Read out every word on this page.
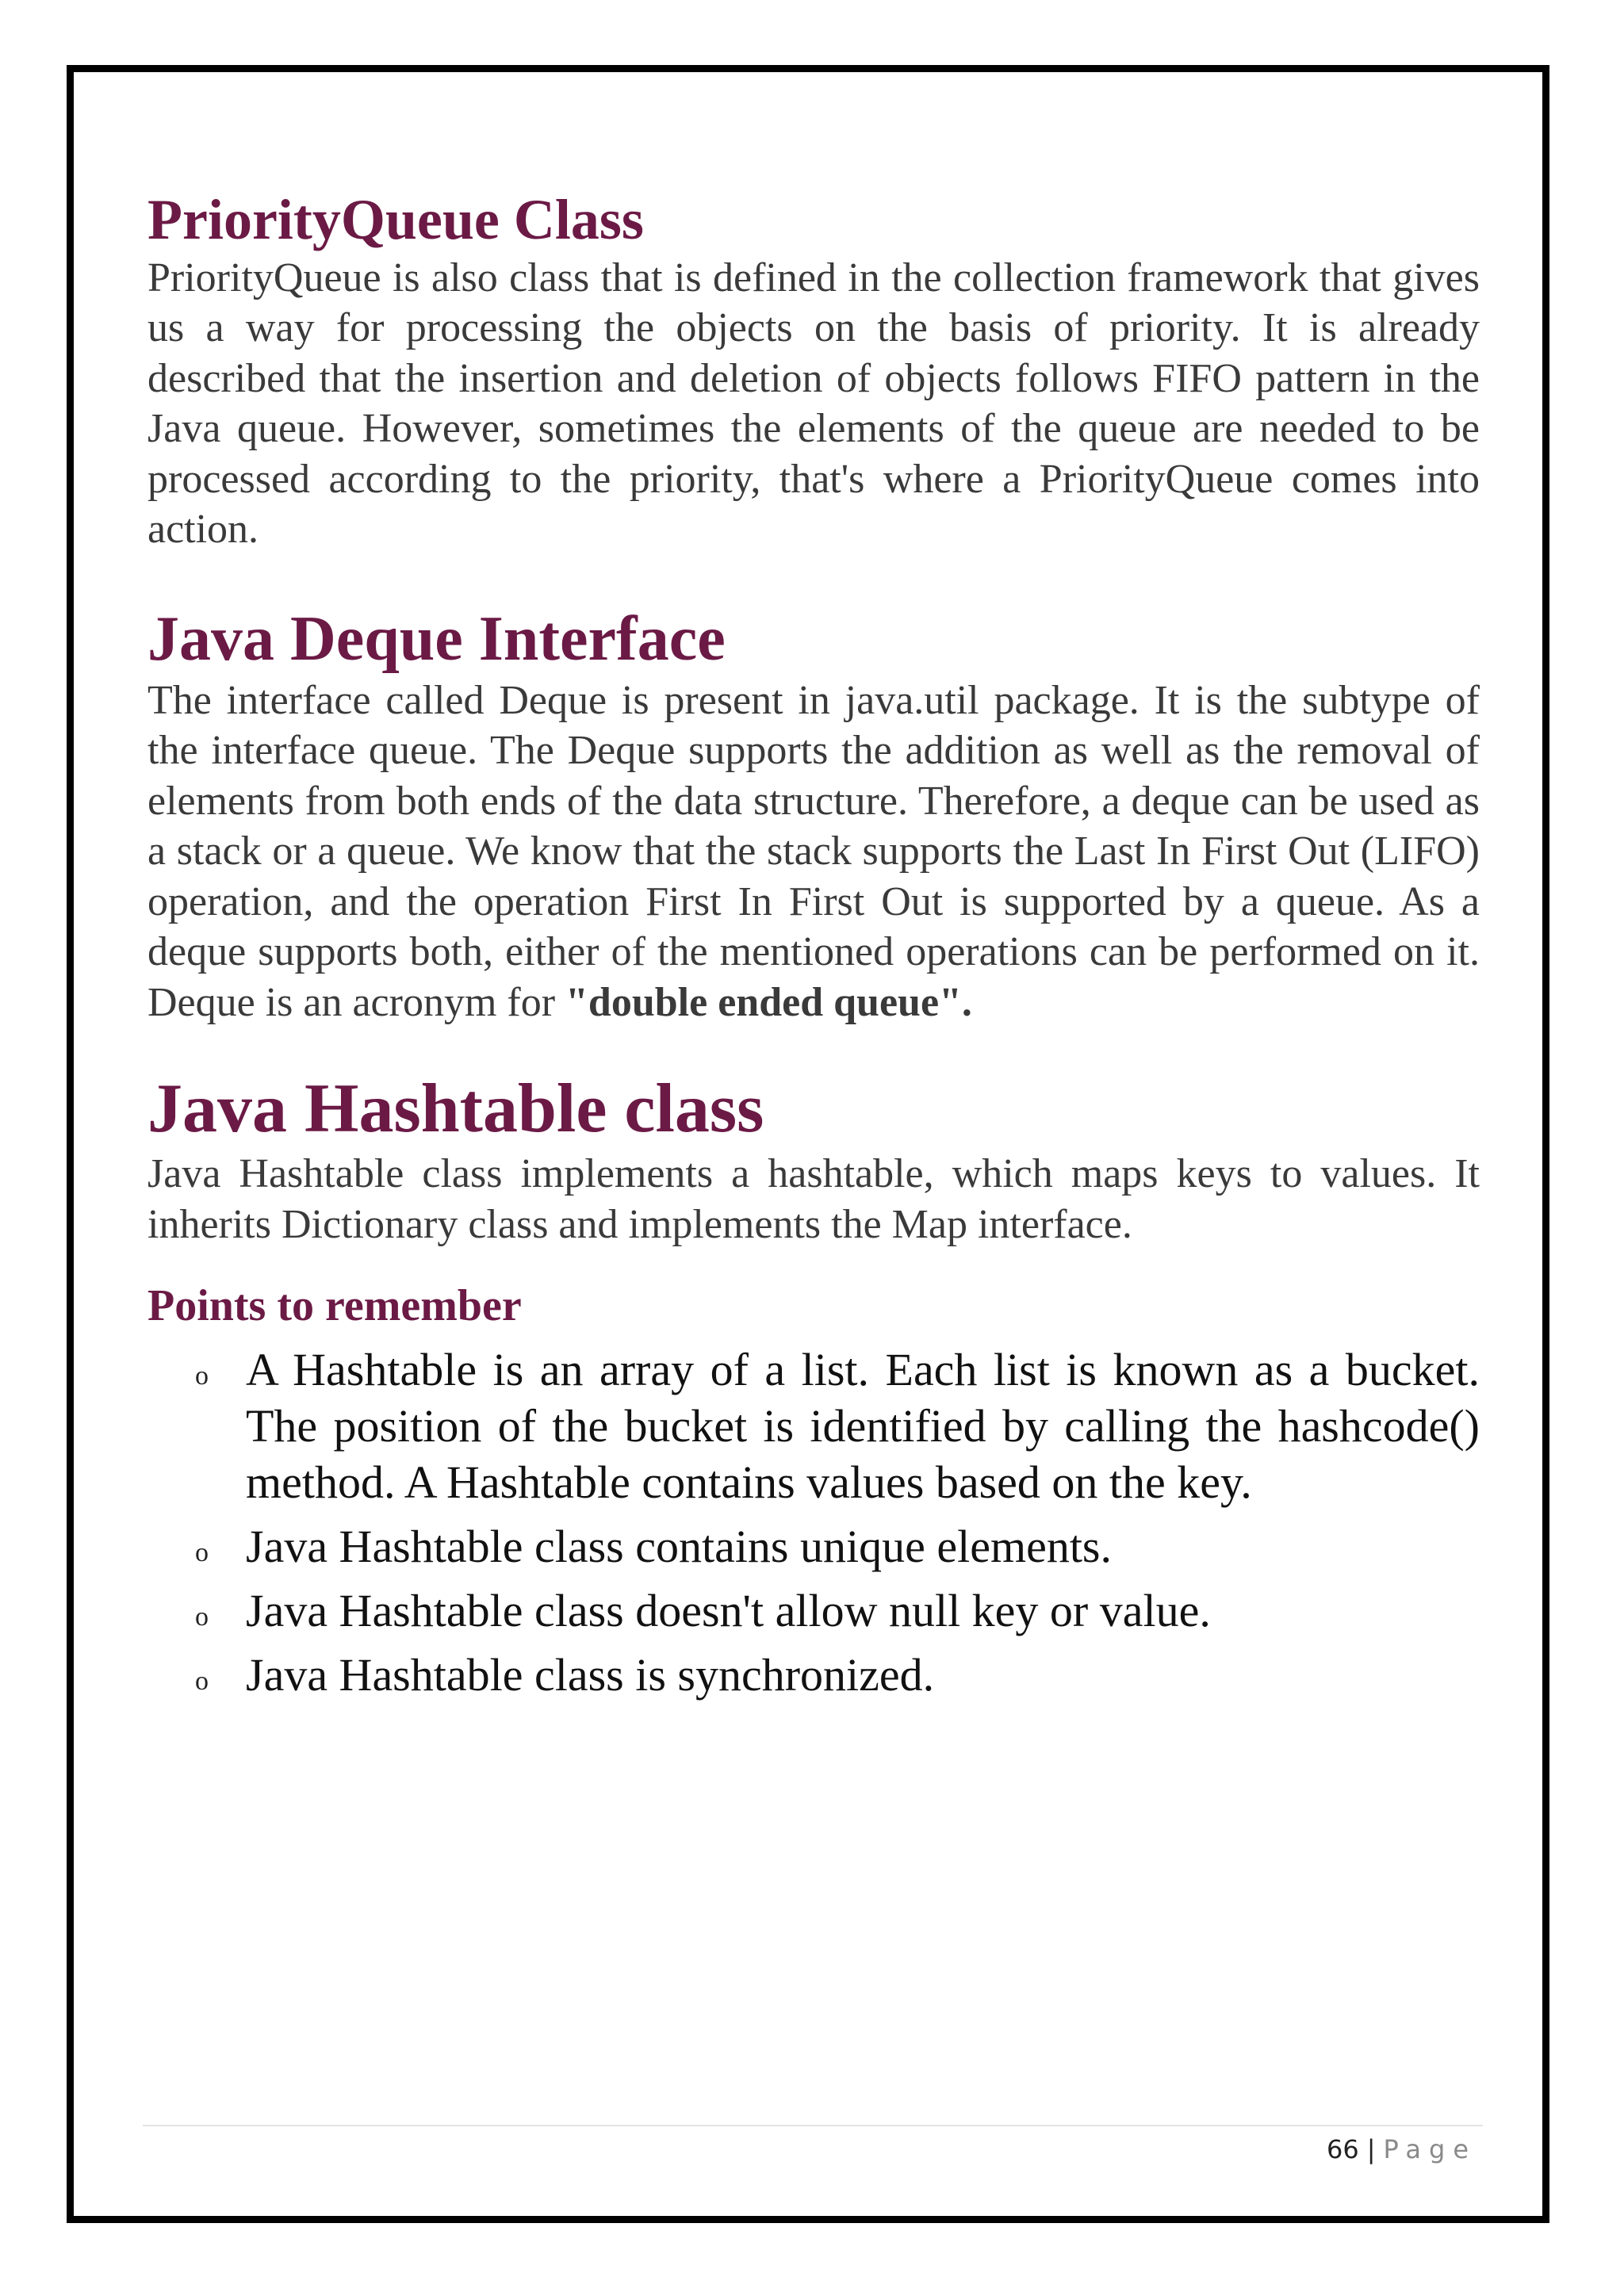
PriorityQueue Class

PriorityQueue is also class that is defined in the collection framework that gives us a way for processing the objects on the basis of priority. It is already described that the insertion and deletion of objects follows FIFO pattern in the Java queue. However, sometimes the elements of the queue are needed to be processed according to the priority, that's where a PriorityQueue comes into action.

Java Deque Interface

The interface called Deque is present in java.util package. It is the subtype of the interface queue. The Deque supports the addition as well as the removal of elements from both ends of the data structure. Therefore, a deque can be used as a stack or a queue. We know that the stack supports the Last In First Out (LIFO) operation, and the operation First In First Out is supported by a queue. As a deque supports both, either of the mentioned operations can be performed on it. Deque is an acronym for "double ended queue".

Java Hashtable class

Java Hashtable class implements a hashtable, which maps keys to values. It inherits Dictionary class and implements the Map interface.

Points to remember
o A Hashtable is an array of a list. Each list is known as a bucket. The position of the bucket is identified by calling the hashcode() method. A Hashtable contains values based on the key.
o Java Hashtable class contains unique elements.
o Java Hashtable class doesn't allow null key or value.
o Java Hashtable class is synchronized.
66 | Page
